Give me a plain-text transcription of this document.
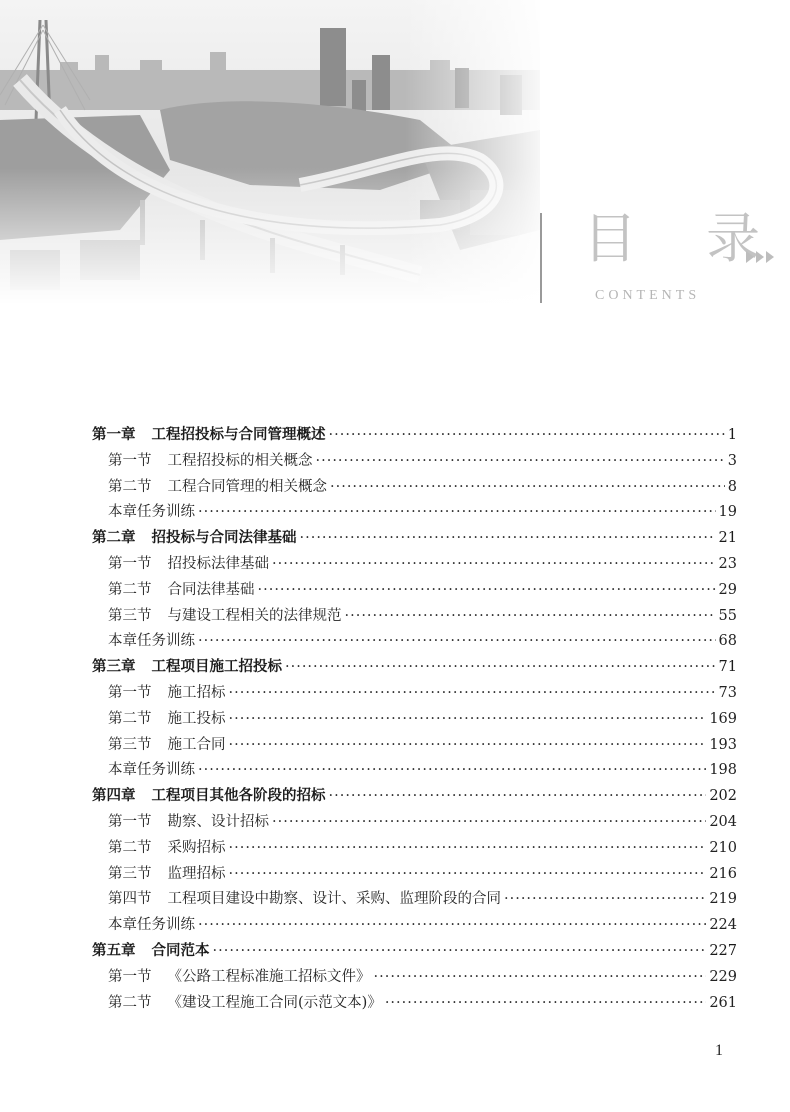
目 录
CONTENTS
第一章 工程招投标与合同管理概述 ·····	1
第一节 工程招投标的相关概念 ·····	3
第二节 工程合同管理的相关概念 ·····	8
本章任务训练 ·····	19
第二章 招投标与合同法律基础 ·····	21
第一节 招投标法律基础 ·····	23
第二节 合同法律基础 ·····	29
第三节 与建设工程相关的法律规范 ·····	55
本章任务训练 ·····	68
第三章 工程项目施工招投标 ·····	71
第一节 施工招标 ·····	73
第二节 施工投标 ·····	169
第三节 施工合同 ·····	193
本章任务训练 ·····	198
第四章 工程项目其他各阶段的招标 ·····	202
第一节 勘察、设计招标 ·····	204
第二节 采购招标 ·····	210
第三节 监理招标 ·····	216
第四节 工程项目建设中勘察、设计、采购、监理阶段的合同 ·····	219
本章任务训练 ·····	224
第五章 合同范本 ·····	227
第一节 《公路工程标准施工招标文件》 ·····	229
第二节 《建设工程施工合同(示范文本)》 ·····	261
1
